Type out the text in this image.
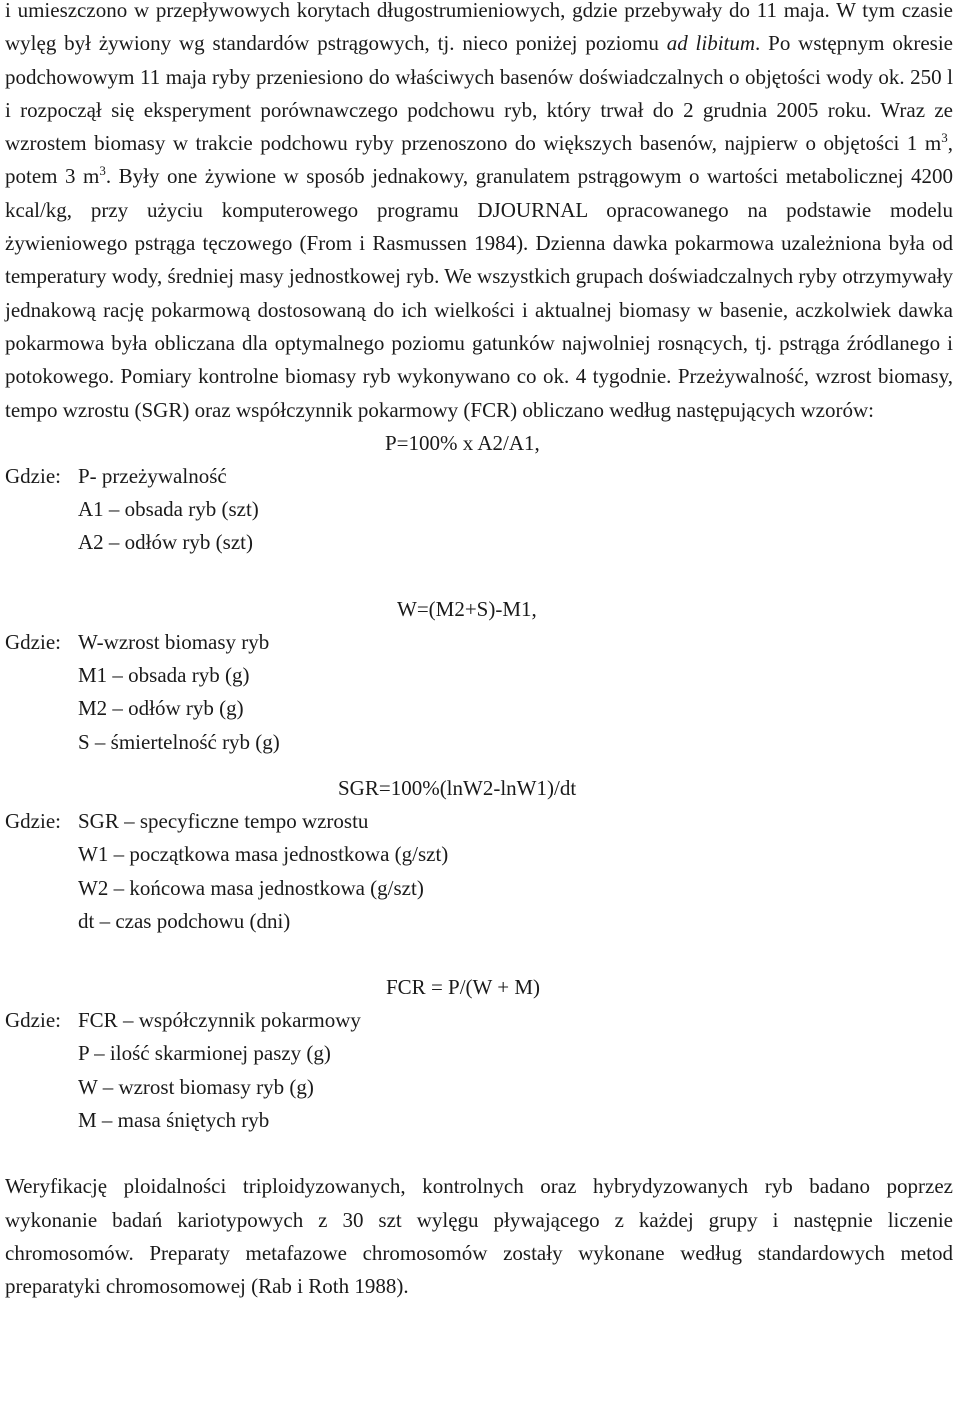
i umieszczono w przepływowych korytach długostrumieniowych, gdzie przebywały do 11 maja. W tym czasie wylęg był żywiony wg standardów pstrągowych, tj. nieco poniżej poziomu ad libitum. Po wstępnym okresie podchowowym 11 maja ryby przeniesiono do właściwych basenów doświadczalnych o objętości wody ok. 250 l i rozpoczął się eksperyment porównawczego podchowu ryb, który trwał do 2 grudnia 2005 roku. Wraz ze wzrostem biomasy w trakcie podchowu ryby przenoszono do większych basenów, najpierw o objętości 1 $m^3$, potem 3 $m^3$. Były one żywione w sposób jednakowy, granulatem pstrągowym o wartości metabolicznej 4200 kcal/kg, przy użyciu komputerowego programu DJOURNAL opracowanego na podstawie modelu żywieniowego pstrąga tęczowego (From i Rasmussen 1984). Dzienna dawka pokarmowa uzależniona była od temperatury wody, średniej masy jednostkowej ryb. We wszystkich grupach doświadczalnych ryby otrzymywały jednakową rację pokarmową dostosowaną do ich wielkości i aktualnej biomasy w basenie, aczkolwiek dawka pokarmowa była obliczana dla optymalnego poziomu gatunków najwolniej rosnących, tj. pstrąga źródlanego i potokowego. Pomiary kontrolne biomasy ryb wykonywano co ok. 4 tygodnie. Przeżywalność, wzrost biomasy, tempo wzrostu (SGR) oraz współczynnik pokarmowy (FCR) obliczano według następujących wzorów:

P=100% x A2/A1,
Gdzie: P- przeżywalność
A1 – obsada ryb (szt)
A2 – odłów ryb (szt)
W=(M2+S)-M1,
Gdzie: W-wzrost biomasy ryb
M1 – obsada ryb (g)
M2 – odłów ryb (g)
S – śmiertelność ryb (g)
SGR=100%(lnW2-lnW1)/dt
Gdzie: SGR – specyficzne tempo wzrostu
W1 – początkowa masa jednostkowa (g/szt)
W2 – końcowa masa jednostkowa (g/szt)
dt – czas podchowu (dni)
FCR = P/(W + M)
Gdzie: FCR – współczynnik pokarmowy
P – ilość skarmionej paszy (g)
W – wzrost biomasy ryb (g)
M – masa śniętych ryb

Weryfikację ploidalności triploidyzowanych, kontrolnych oraz hybrydyzowanych ryb badano poprzez wykonanie badań kariotypowych z 30 szt wylęgu pływającego z każdej grupy i następnie liczenie chromosomów. Preparaty metafazowe chromosomów zostały wykonane według standardowych metod preparatyki chromosomowej (Rab i Roth 1988).
